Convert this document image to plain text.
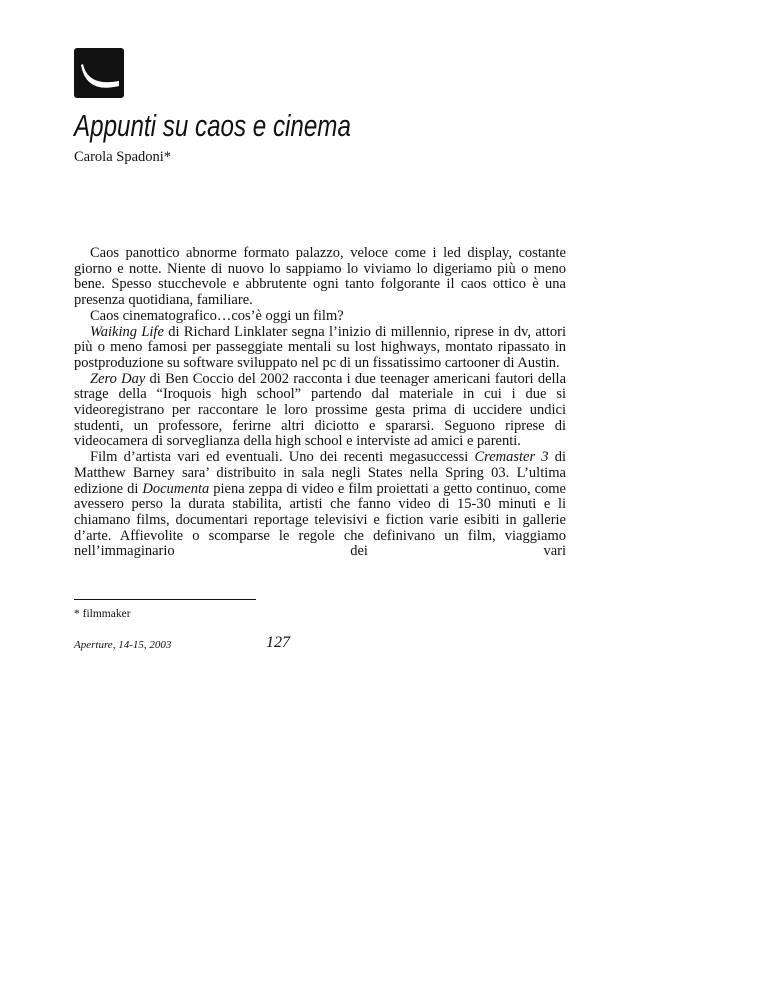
Appunti su caos e cinema
Carola Spadoni*

Caos panottico abnorme formato palazzo, veloce come i led display, costante giorno e notte. Niente di nuovo lo sappiamo lo viviamo lo digeriamo più o meno bene. Spesso stucchevole e abbrutente ogni tanto folgorante il caos ottico è una presenza quotidiana, familiare.

Caos cinematografico…cos’è oggi un film?

Waiking Life di Richard Linklater segna l’inizio di millennio, riprese in dv, attori più o meno famosi per passeggiate mentali su lost highways, montato ripassato in postproduzione su software sviluppato nel pc di un fissatissimo cartooner di Austin.

Zero Day di Ben Coccio del 2002 racconta i due teenager americani fautori della strage della “Iroquois high school” partendo dal materiale in cui i due si videoregistrano per raccontare le loro prossime gesta prima di uccidere undici studenti, un professore, ferirne altri diciotto e spararsi. Seguono riprese di videocamera di sorveglianza della high school e interviste ad amici e parenti.

Film d’artista vari ed eventuali. Uno dei recenti megasuccessi Cremaster 3 di Matthew Barney sara’ distribuito in sala negli States nella Spring 03. L’ultima edizione di Documenta piena zeppa di video e film proiettati a getto continuo, come avessero perso la durata stabilita, artisti che fanno video di 15-30 minuti e li chiamano films, documentari reportage televisivi e fiction varie esibiti in gallerie d’arte. Affievolite o scomparse le regole che definivano un film, viaggiamo nell’immaginario dei vari

* filmmaker
Aperture, 14-15, 2003	127
